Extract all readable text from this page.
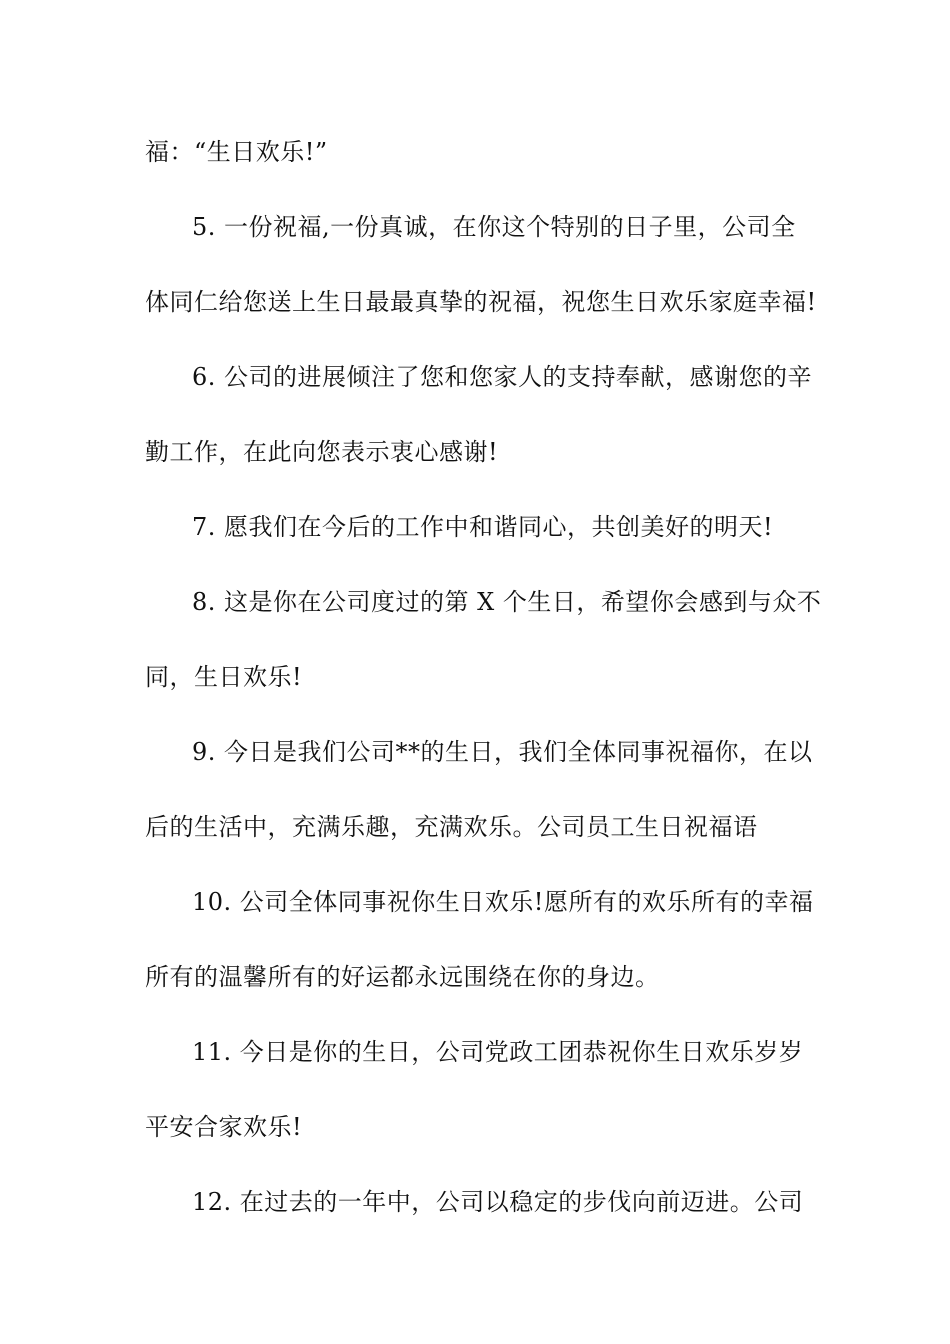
福：“生日欢乐!”
5. 一份祝福,一份真诚，在你这个特别的日子里，公司全
体同仁给您送上生日最最真挚的祝福，祝您生日欢乐家庭幸福!
6. 公司的进展倾注了您和您家人的支持奉献，感谢您的辛
勤工作，在此向您表示衷心感谢!
7. 愿我们在今后的工作中和谐同心，共创美好的明天!
8. 这是你在公司度过的第 X 个生日，希望你会感到与众不
同，生日欢乐!
9. 今日是我们公司**的生日，我们全体同事祝福你，在以
后的生活中，充满乐趣，充满欢乐。公司员工生日祝福语
10. 公司全体同事祝你生日欢乐!愿所有的欢乐所有的幸福
所有的温馨所有的好运都永远围绕在你的身边。
11. 今日是你的生日，公司党政工团恭祝你生日欢乐岁岁
平安合家欢乐!
12. 在过去的一年中，公司以稳定的步伐向前迈进。公司
